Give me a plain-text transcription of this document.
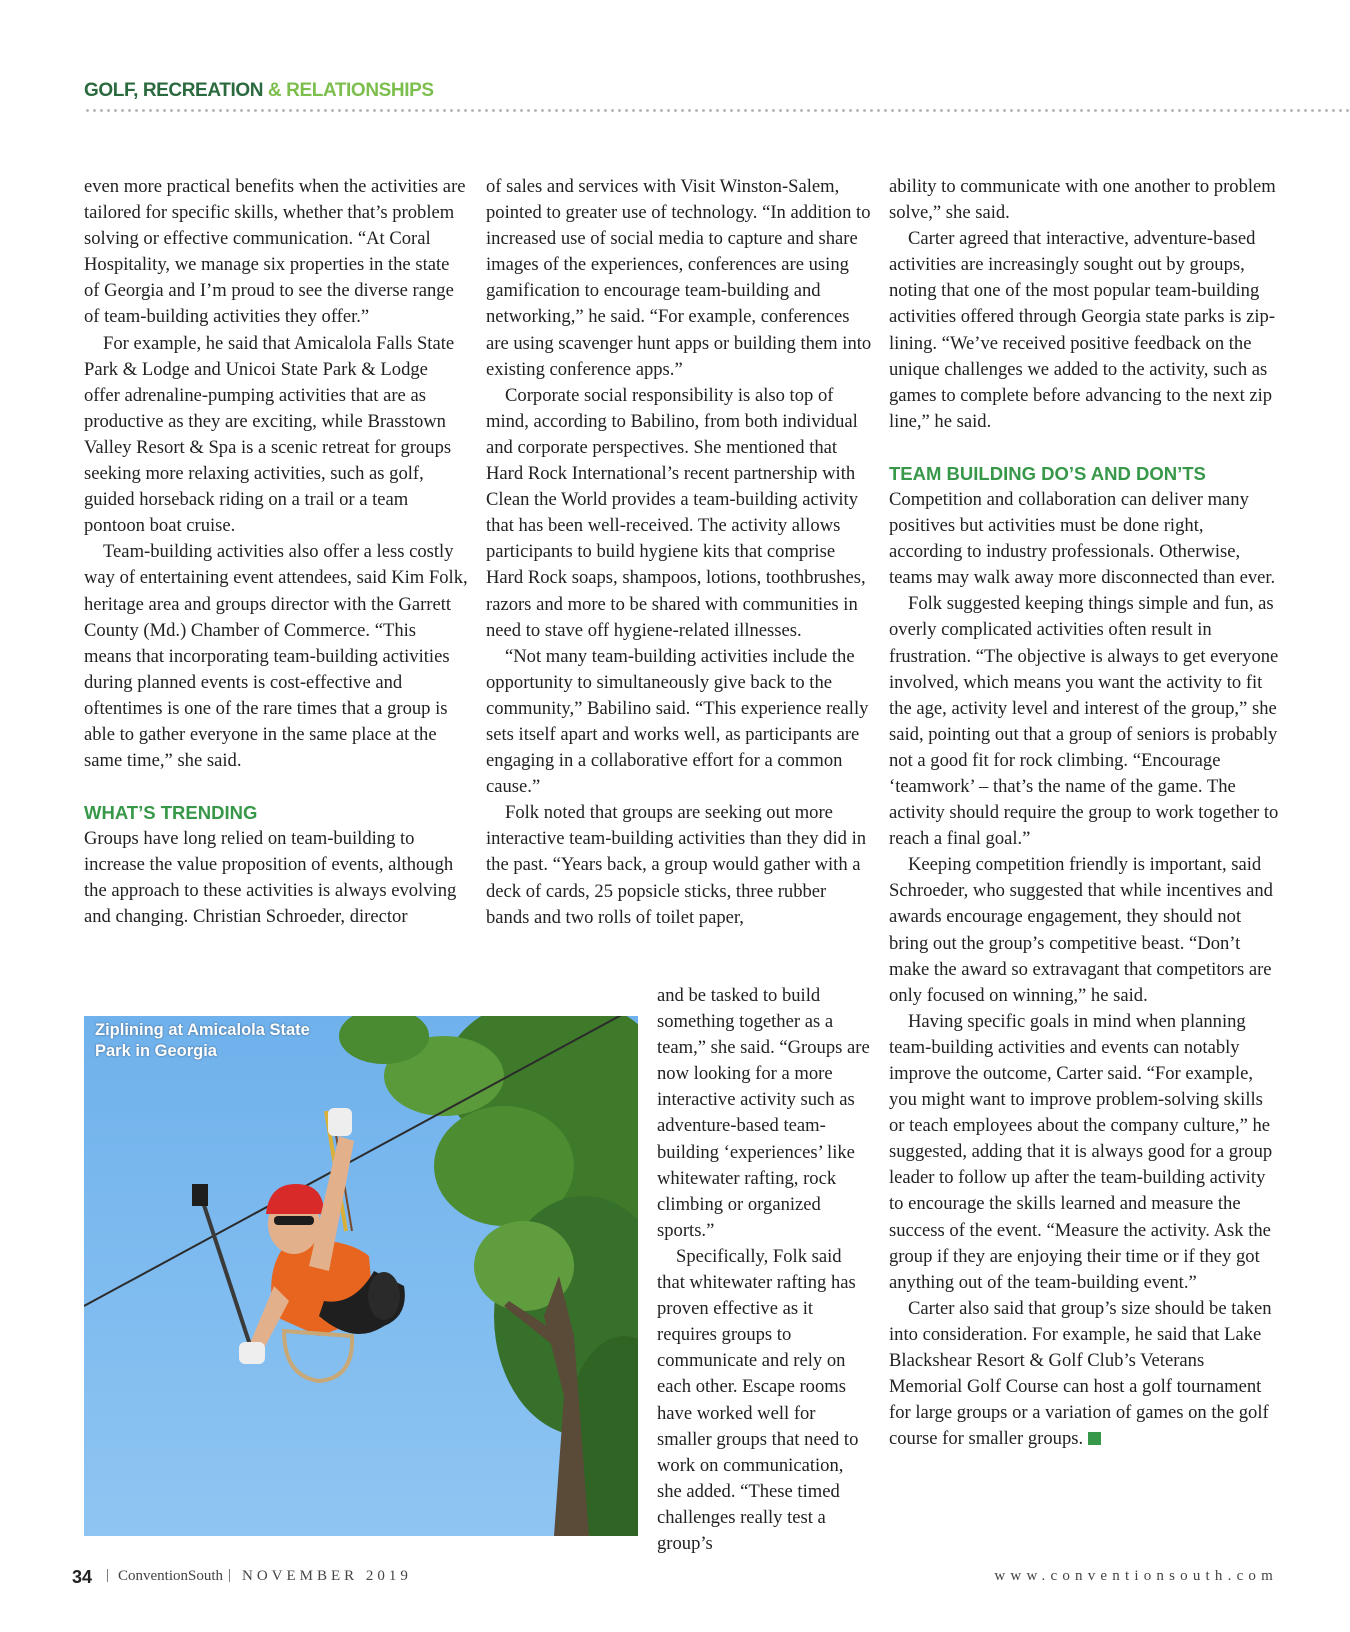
GOLF, RECREATION & RELATIONSHIPS

even more practical benefits when the activities are tailored for specific skills, whether that’s problem solving or effective communication. “At Coral Hospitality, we manage six properties in the state of Georgia and I’m proud to see the diverse range of team-building activities they offer.”

For example, he said that Amicalola Falls State Park & Lodge and Unicoi State Park & Lodge offer adrenaline-pumping activities that are as productive as they are exciting, while Brasstown Valley Resort & Spa is a scenic retreat for groups seeking more relaxing activities, such as golf, guided horseback riding on a trail or a team pontoon boat cruise.

Team-building activities also offer a less costly way of entertaining event attendees, said Kim Folk, heritage area and groups director with the Garrett County (Md.) Chamber of Commerce. “This means that incorporating team-building activities during planned events is cost-effective and oftentimes is one of the rare times that a group is able to gather everyone in the same place at the same time,” she said.

WHAT’S TRENDING

Groups have long relied on team-building to increase the value proposition of events, although the approach to these activities is always evolving and changing. Christian Schroeder, director

of sales and services with Visit Winston-Salem, pointed to greater use of technology. “In addition to increased use of social media to capture and share images of the experiences, conferences are using gamification to encourage team-building and networking,” he said. “For example, conferences are using scavenger hunt apps or building them into existing conference apps.”

Corporate social responsibility is also top of mind, according to Babilino, from both individual and corporate perspectives. She mentioned that Hard Rock International’s recent partnership with Clean the World provides a team-building activity that has been well-received. The activity allows participants to build hygiene kits that comprise Hard Rock soaps, shampoos, lotions, toothbrushes, razors and more to be shared with communities in need to stave off hygiene-related illnesses.

“Not many team-building activities include the opportunity to simultaneously give back to the community,” Babilino said. “This experience really sets itself apart and works well, as participants are engaging in a collaborative effort for a common cause.”

Folk noted that groups are seeking out more interactive team-building activities than they did in the past. “Years back, a group would gather with a deck of cards, 25 popsicle sticks, three rubber bands and two rolls of toilet paper,

and be tasked to build something together as a team,” she said. “Groups are now looking for a more interactive activity such as adventure-based team-building ‘experiences’ like whitewater rafting, rock climbing or organized sports.”

Specifically, Folk said that whitewater rafting has proven effective as it requires groups to communicate and rely on each other. Escape rooms have worked well for smaller groups that need to work on communication, she added. “These timed challenges really test a group’s

ability to communicate with one another to problem solve,” she said.

Carter agreed that interactive, adventure-based activities are increasingly sought out by groups, noting that one of the most popular team-building activities offered through Georgia state parks is zip-lining. “We’ve received positive feedback on the unique challenges we added to the activity, such as games to complete before advancing to the next zip line,” he said.

TEAM BUILDING DO’S AND DON’TS

Competition and collaboration can deliver many positives but activities must be done right, according to industry professionals. Otherwise, teams may walk away more disconnected than ever.

Folk suggested keeping things simple and fun, as overly complicated activities often result in frustration. “The objective is always to get everyone involved, which means you want the activity to fit the age, activity level and interest of the group,” she said, pointing out that a group of seniors is probably not a good fit for rock climbing. “Encourage ‘teamwork’ – that’s the name of the game. The activity should require the group to work together to reach a final goal.”

Keeping competition friendly is important, said Schroeder, who suggested that while incentives and awards encourage engagement, they should not bring out the group’s competitive beast. “Don’t make the award so extravagant that competitors are only focused on winning,” he said.

Having specific goals in mind when planning team-building activities and events can notably improve the outcome, Carter said. “For example, you might want to improve problem-solving skills or teach employees about the company culture,” he suggested, adding that it is always good for a group leader to follow up after the team-building activity to encourage the skills learned and measure the success of the event. “Measure the activity. Ask the group if they are enjoying their time or if they got anything out of the team-building event.”

Carter also said that group’s size should be taken into consideration. For example, he said that Lake Blackshear Resort & Golf Club’s Veterans Memorial Golf Course can host a golf tournament for large groups or a variation of games on the golf course for smaller groups.

Ziplining at Amicalola State
Park in Georgia
34 | ConventionSouth | NOVEMBER 2019	www.conventionsouth.com
